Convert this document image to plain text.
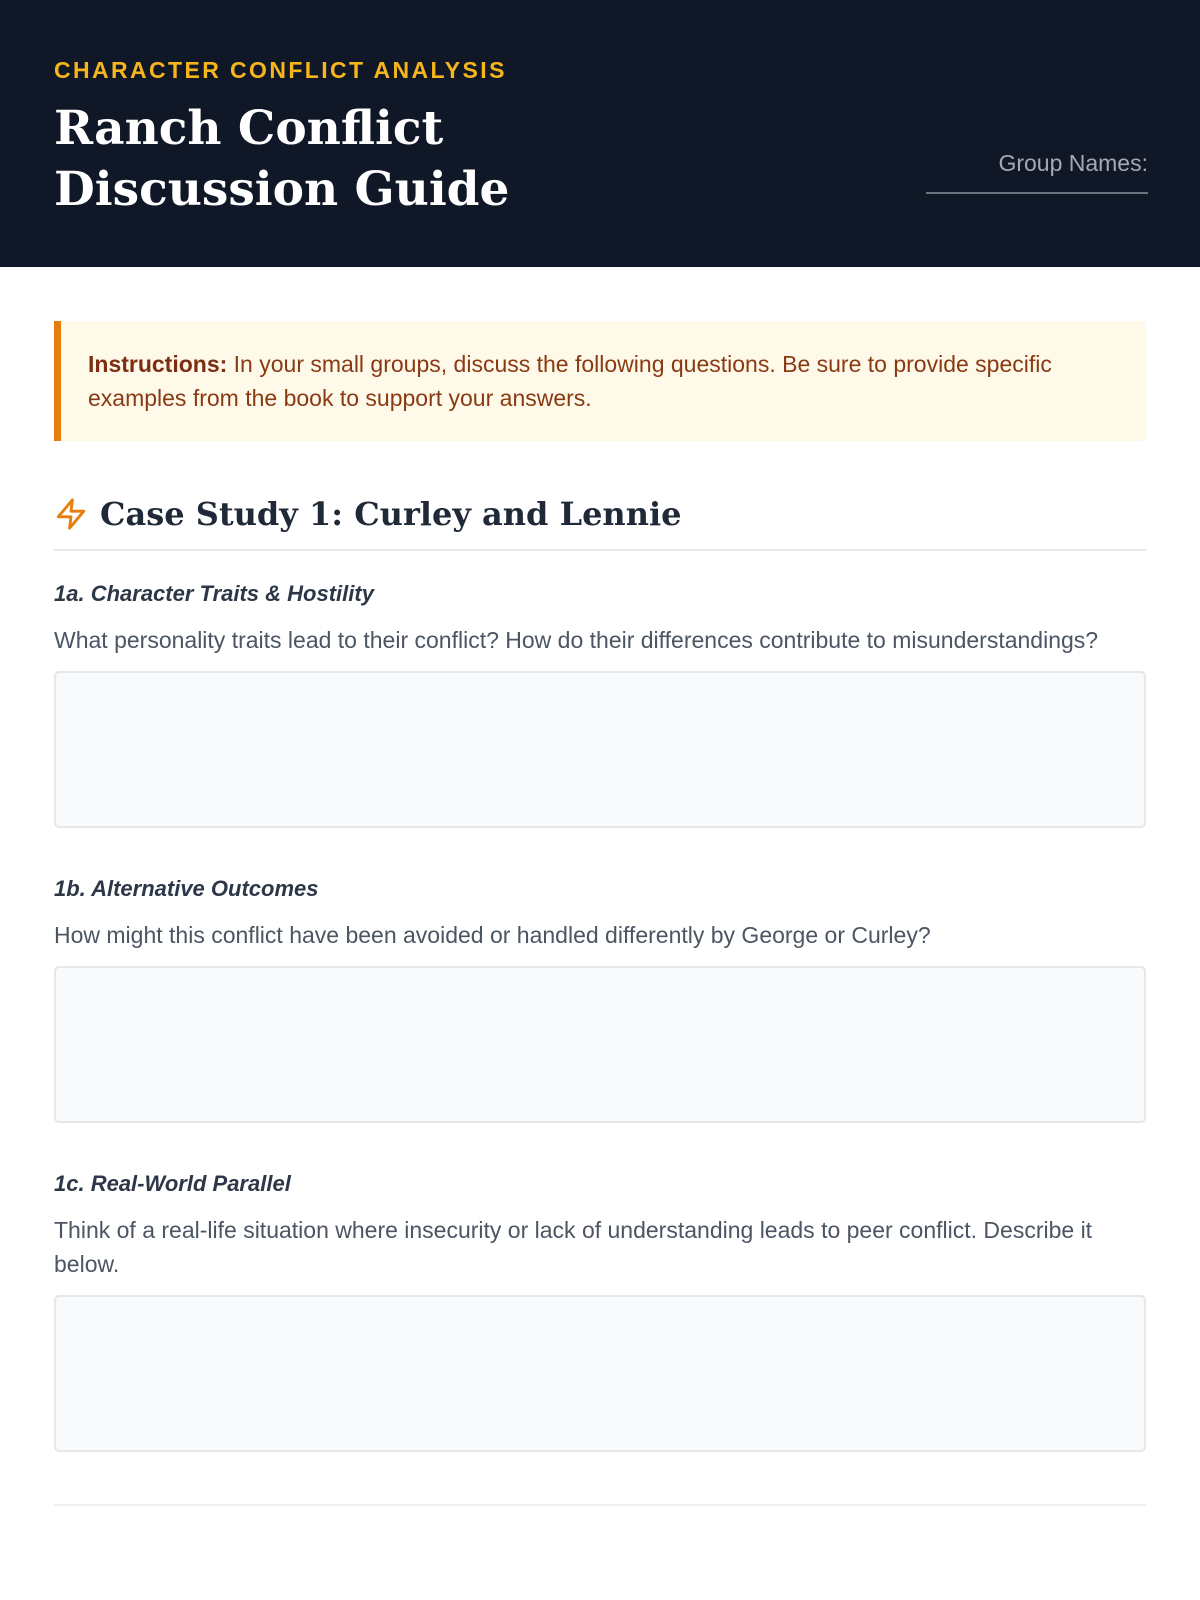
CHARACTER CONFLICT ANALYSIS

Ranch Conflict Discussion Guide	Group Names:
Instructions: In your small groups, discuss the following questions. Be sure to provide specific examples from the book to support your answers.
Case Study 1: Curley and Lennie

1a. Character Traits & Hostility

What personality traits lead to their conflict? How do their differences contribute to misunderstandings?

1b. Alternative Outcomes

How might this conflict have been avoided or handled differently by George or Curley?

1c. Real-World Parallel

Think of a real-life situation where insecurity or lack of understanding leads to peer conflict. Describe it below.
